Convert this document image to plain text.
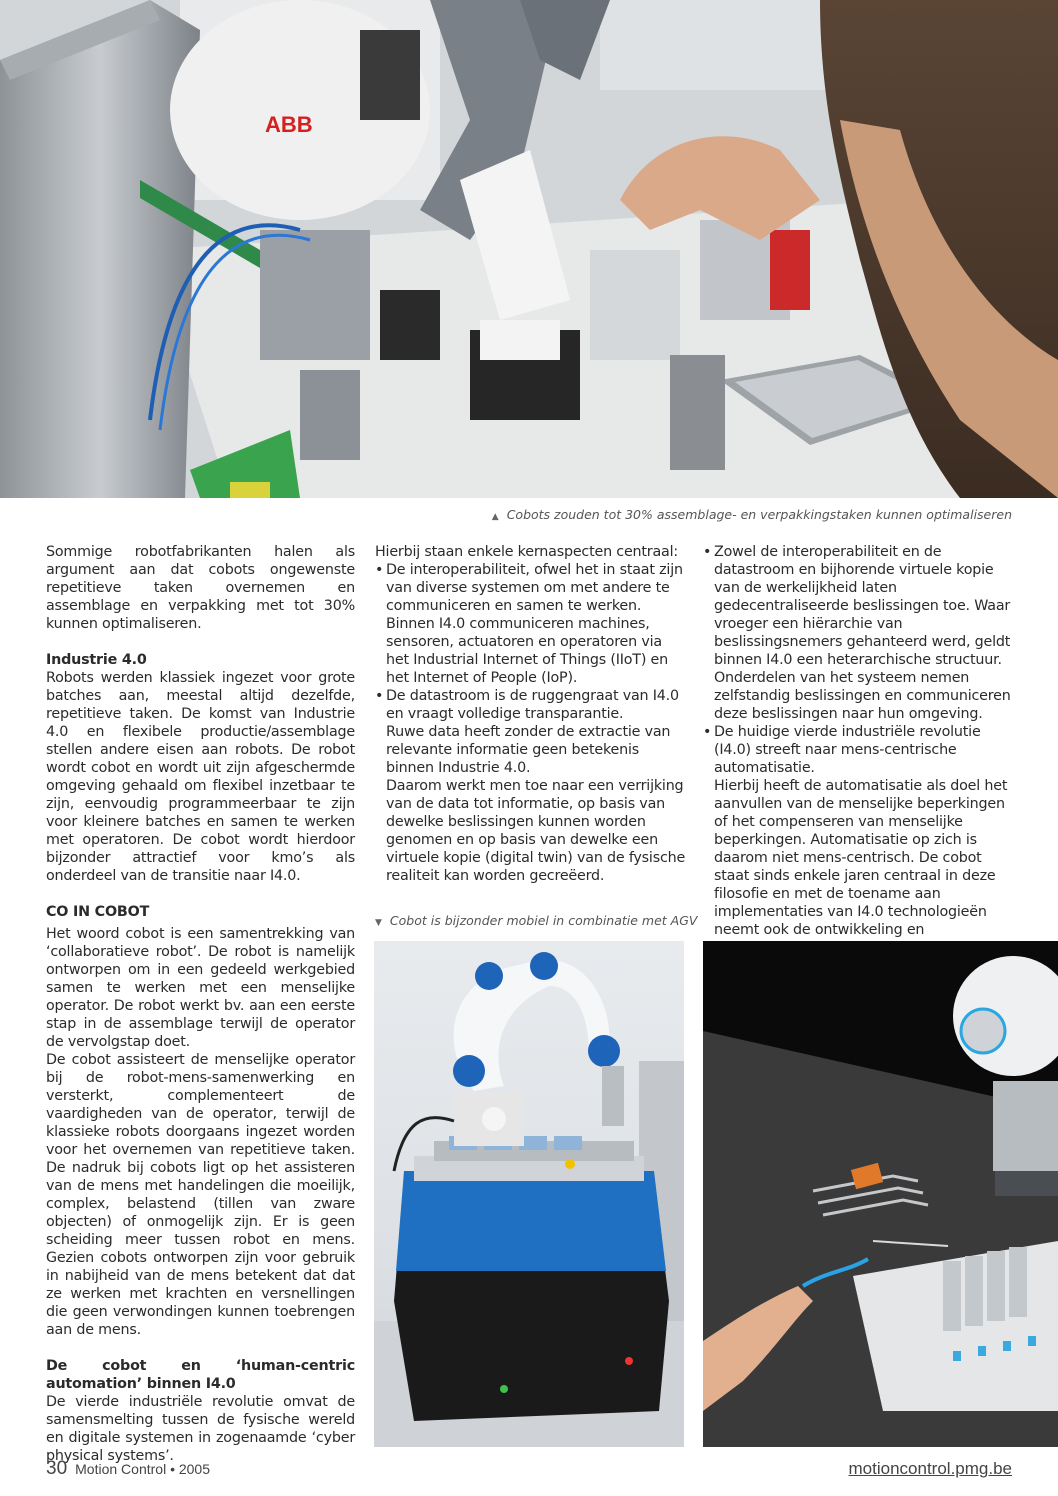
ABB
▲ Cobots zouden tot 30% assemblage- en verpakkingstaken kunnen optimaliseren

Sommige robotfabrikanten halen als argument aan dat cobots ongewenste repetitieve taken overnemen en assemblage en verpakking met tot 30% kunnen optimaliseren.

Industrie 4.0

Robots werden klassiek ingezet voor grote batches aan, meestal altijd dezelfde, repetitieve taken. De komst van Industrie 4.0 en flexibele productie/assemblage stellen andere eisen aan robots. De robot wordt cobot en wordt uit zijn afgeschermde omgeving gehaald om flexibel inzetbaar te zijn, eenvoudig programmeerbaar te zijn voor kleinere batches en samen te werken met operatoren. De cobot wordt hierdoor bijzonder attractief voor kmo’s als onderdeel van de transitie naar I4.0.

CO IN COBOT

Het woord cobot is een samentrekking van ‘collaboratieve robot’. De robot is namelijk ontworpen om in een gedeeld werkgebied samen te werken met een menselijke operator. De robot werkt bv. aan een eerste stap in de assemblage terwijl de operator de vervolgstap doet.

De cobot assisteert de menselijke operator bij de robot-mens-samenwerking en versterkt, complementeert de vaardigheden van de operator, terwijl de klassieke robots doorgaans ingezet worden voor het overnemen van repetitieve taken. De nadruk bij cobots ligt op het assisteren van de mens met handelingen die moeilijk, complex, belastend (tillen van zware objecten) of onmogelijk zijn. Er is geen scheiding meer tussen robot en mens. Gezien cobots ontworpen zijn voor gebruik in nabijheid van de mens betekent dat dat ze werken met krachten en versnellingen die geen verwondingen kunnen toebrengen aan de mens.

De cobot en ‘human-centric automation’ binnen I4.0

De vierde industriële revolutie omvat de samensmelting tussen de fysische wereld en digitale systemen in zogenaamde ‘cyber physical systems’.

Hierbij staan enkele kernaspecten centraal:

• De interoperabiliteit, ofwel het in staat zijn van diverse systemen om met andere te communiceren en samen te werken.

Binnen I4.0 communiceren machines, sensoren, actuatoren en operatoren via het Industrial Internet of Things (IIoT) en het Internet of People (IoP).

• De datastroom is de ruggengraat van I4.0 en vraagt volledige transparantie.

Ruwe data heeft zonder de extractie van relevante informatie geen betekenis binnen Industrie 4.0.

Daarom werkt men toe naar een verrijking van de data tot informatie, op basis van dewelke beslissingen kunnen worden genomen en op basis van dewelke een virtuele kopie (digital twin) van de fysische realiteit kan worden gecreëerd.

• Zowel de interoperabiliteit en de datastroom en bijhorende virtuele kopie van de werkelijkheid laten gedecentraliseerde beslissingen toe. Waar vroeger een hiërarchie van beslissingsnemers gehanteerd werd, geldt binnen I4.0 een heterarchische structuur. Onderdelen van het systeem nemen zelfstandig beslissingen en communiceren deze beslissingen naar hun omgeving.

• De huidige vierde industriële revolutie (I4.0) streeft naar mens-centrische automatisatie.

Hierbij heeft de automatisatie als doel het aanvullen van de menselijke beperkingen of het compenseren van menselijke beperkingen. Automatisatie op zich is daarom niet mens-centrisch. De cobot staat sinds enkele jaren centraal in deze filosofie en met de toename aan implementaties van I4.0 technologieën neemt ook de ontwikkeling en

▼ Cobot is bijzonder mobiel in combinatie met AGV
30 Motion Control • 2005	motioncontrol.pmg.be
